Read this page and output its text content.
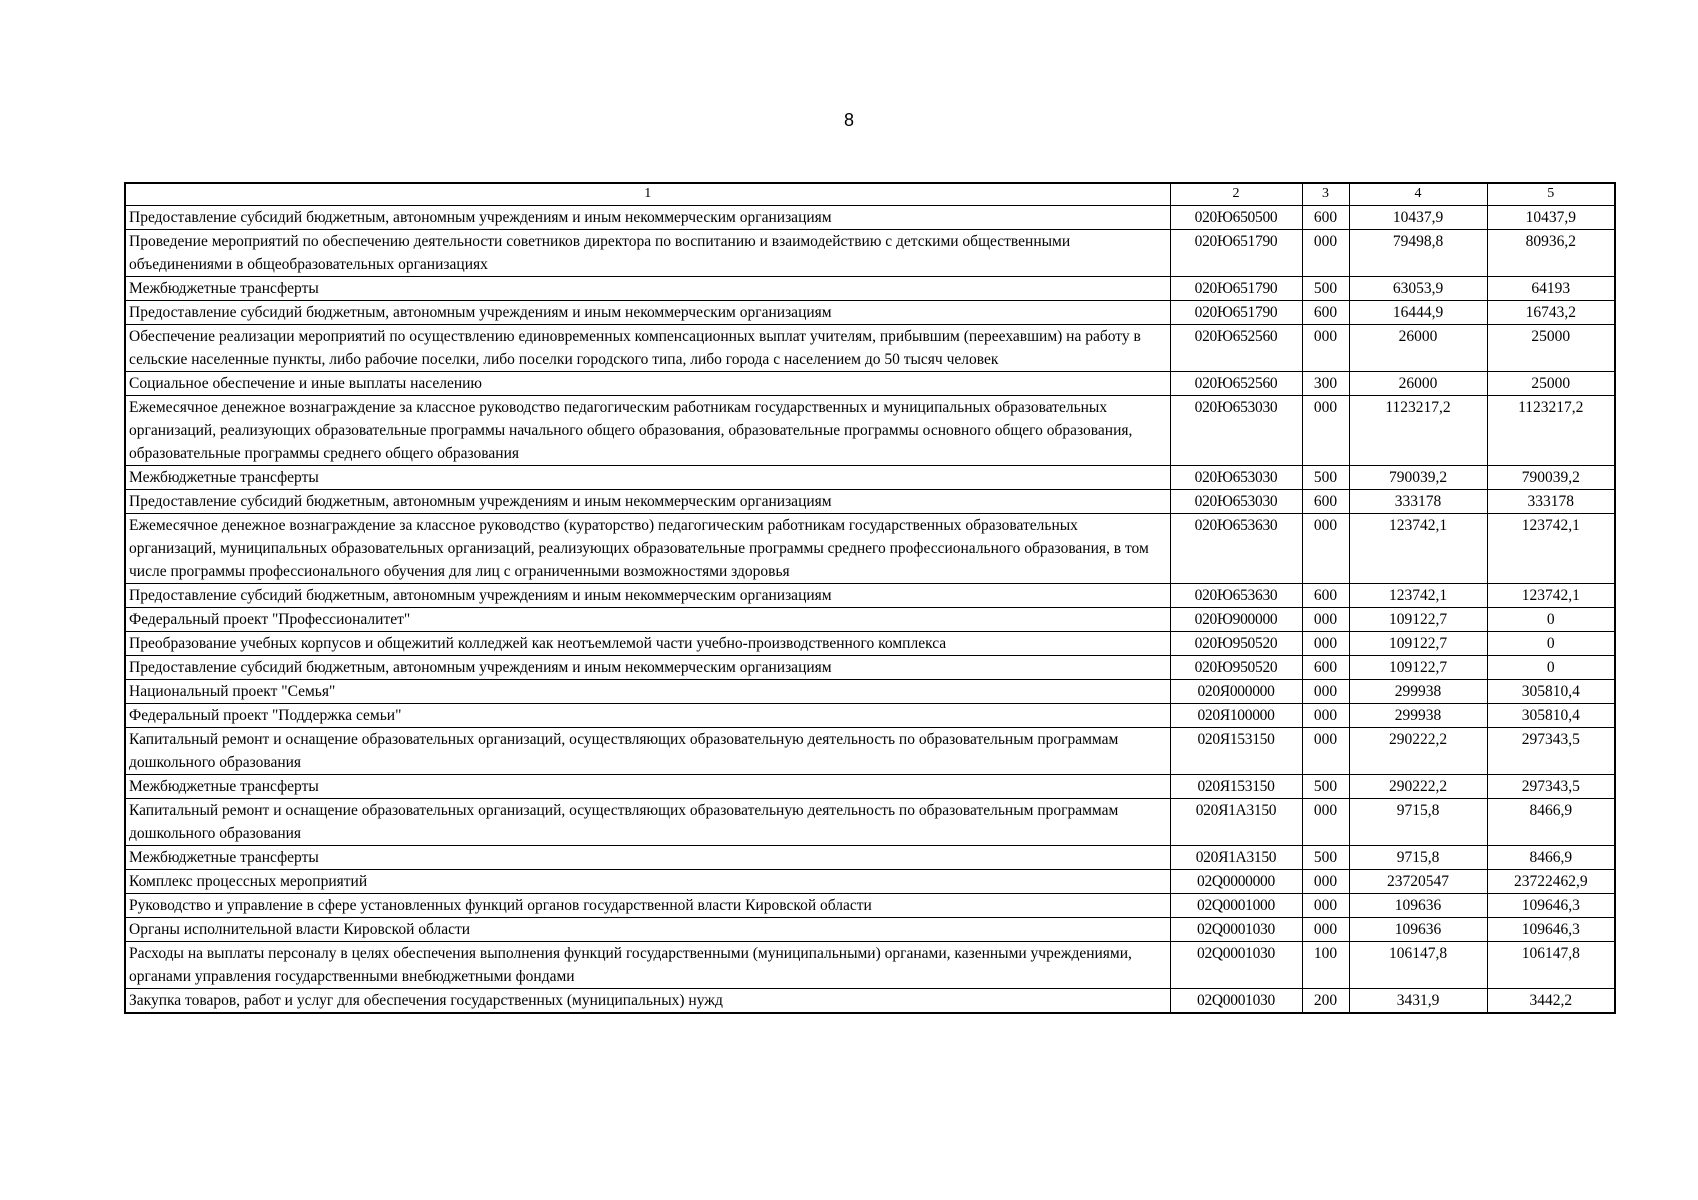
8
1	2	3	4	5
Предоставление субсидий бюджетным, автономным учреждениям и иным некоммерческим организациям	020Ю650500	600	10437,9	10437,9
Проведение мероприятий по обеспечению деятельности советников директора по воспитанию и взаимодействию с детскими общественными объединениями в общеобразовательных организациях	020Ю651790	000	79498,8	80936,2
Межбюджетные трансферты	020Ю651790	500	63053,9	64193
Предоставление субсидий бюджетным, автономным учреждениям и иным некоммерческим организациям	020Ю651790	600	16444,9	16743,2
Обеспечение реализации мероприятий по осуществлению единовременных компенсационных выплат учителям, прибывшим (переехавшим) на работу в сельские населенные пункты, либо рабочие поселки, либо поселки городского типа, либо города с населением до 50 тысяч человек	020Ю652560	000	26000	25000
Социальное обеспечение и иные выплаты населению	020Ю652560	300	26000	25000
Ежемесячное денежное вознаграждение за классное руководство педагогическим работникам государственных и муниципальных образовательных организаций, реализующих образовательные программы начального общего образования, образовательные программы основного общего образования, образовательные программы среднего общего образования	020Ю653030	000	1123217,2	1123217,2
Межбюджетные трансферты	020Ю653030	500	790039,2	790039,2
Предоставление субсидий бюджетным, автономным учреждениям и иным некоммерческим организациям	020Ю653030	600	333178	333178
Ежемесячное денежное вознаграждение за классное руководство (кураторство) педагогическим работникам государственных образовательных организаций, муниципальных образовательных организаций, реализующих образовательные программы среднего профессионального образования, в том числе программы профессионального обучения для лиц с ограниченными возможностями здоровья	020Ю653630	000	123742,1	123742,1
Предоставление субсидий бюджетным, автономным учреждениям и иным некоммерческим организациям	020Ю653630	600	123742,1	123742,1
Федеральный проект "Профессионалитет"	020Ю900000	000	109122,7	0
Преобразование учебных корпусов и общежитий колледжей как неотъемлемой части учебно-производственного комплекса	020Ю950520	000	109122,7	0
Предоставление субсидий бюджетным, автономным учреждениям и иным некоммерческим организациям	020Ю950520	600	109122,7	0
Национальный проект "Семья"	020Я000000	000	299938	305810,4
Федеральный проект "Поддержка семьи"	020Я100000	000	299938	305810,4
Капитальный ремонт и оснащение образовательных организаций, осуществляющих образовательную деятельность по образовательным программам дошкольного образования	020Я153150	000	290222,2	297343,5
Межбюджетные трансферты	020Я153150	500	290222,2	297343,5
Капитальный ремонт и оснащение образовательных организаций, осуществляющих образовательную деятельность по образовательным программам дошкольного образования	020Я1А3150	000	9715,8	8466,9
Межбюджетные трансферты	020Я1А3150	500	9715,8	8466,9
Комплекс процессных мероприятий	02Q0000000	000	23720547	23722462,9
Руководство и управление в сфере установленных функций органов государственной власти Кировской области	02Q0001000	000	109636	109646,3
Органы исполнительной власти Кировской области	02Q0001030	000	109636	109646,3
Расходы на выплаты персоналу в целях обеспечения выполнения функций государственными (муниципальными) органами, казенными учреждениями, органами управления государственными внебюджетными фондами	02Q0001030	100	106147,8	106147,8
Закупка товаров, работ и услуг для обеспечения государственных (муниципальных) нужд	02Q0001030	200	3431,9	3442,2
